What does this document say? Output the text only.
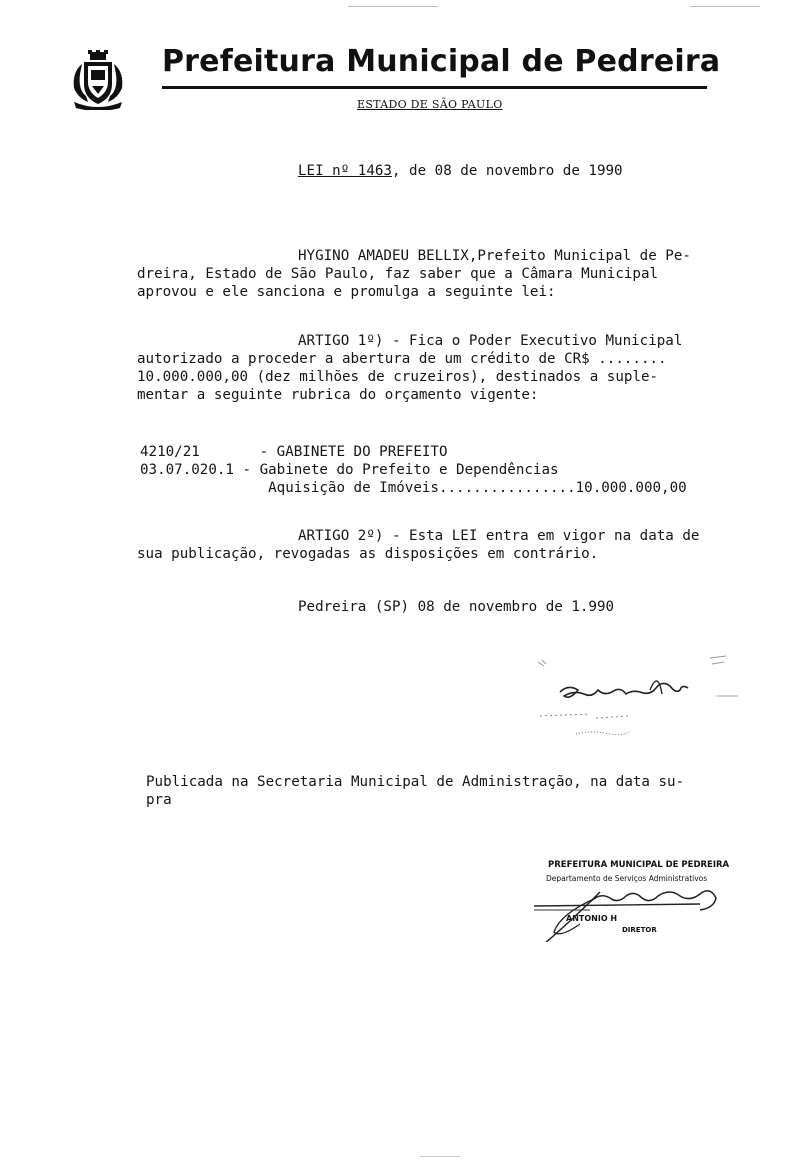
Prefeitura Municipal de Pedreira
ESTADO DE SÃO PAULO
LEI nº 1463, de 08 de novembro de 1990
HYGINO AMADEU BELLIX,Prefeito Municipal de Pe-
dreira, Estado de São Paulo, faz saber que a Câmara Municipal
aprovou e ele sanciona e promulga a seguinte lei:
ARTIGO 1º) - Fica o Poder Executivo Municipal
autorizado a proceder a abertura de um crédito de CR$ ........
10.000.000,00 (dez milhões de cruzeiros), destinados a suple-
mentar a seguinte rubrica do orçamento vigente:
4210/21       - GABINETE DO PREFEITO
03.07.020.1 - Gabinete do Prefeito e Dependências
Aquisição de Imóveis................10.000.000,00
ARTIGO 2º) - Esta LEI entra em vigor na data de
sua publicação, revogadas as disposições em contrário.
Pedreira (SP) 08 de novembro de 1.990
Publicada na Secretaria Municipal de Administração, na data su-
pra
PREFEITURA MUNICIPAL DE PEDREIRA
Departamento de Serviços Administrativos
ANTONIO H
DIRETOR
